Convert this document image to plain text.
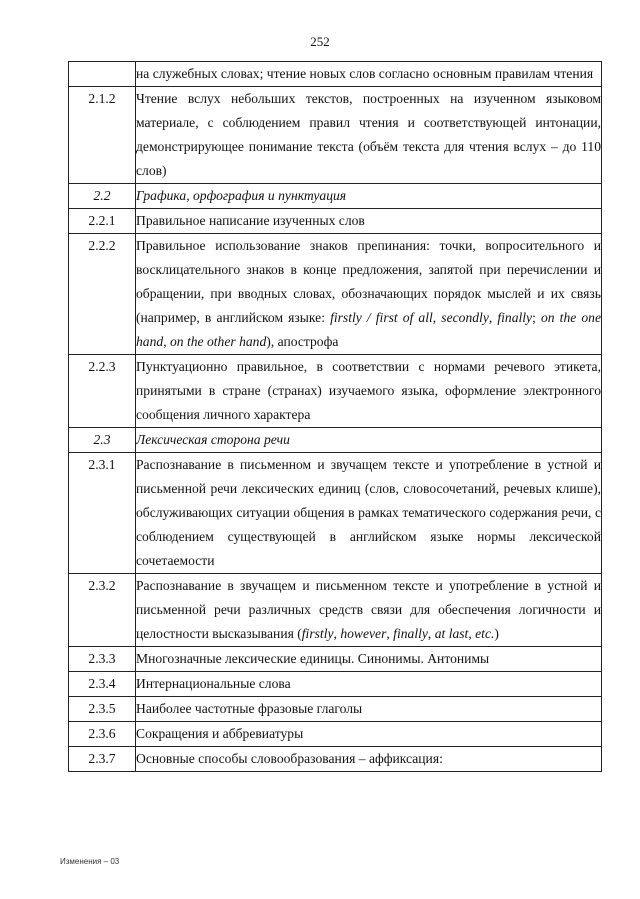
252
	на служебных словах; чтение новых слов согласно основным правилам чтения
2.1.2	Чтение вслух небольших текстов, построенных на изученном языковом материале, с соблюдением правил чтения и соответствующей интонации, демонстрирующее понимание текста (объём текста для чтения вслух – до 110 слов)
2.2	Графика, орфография и пунктуация
2.2.1	Правильное написание изученных слов
2.2.2	Правильное использование знаков препинания: точки, вопросительного и восклицательного знаков в конце предложения, запятой при перечислении и обращении, при вводных словах, обозначающих порядок мыслей и их связь (например, в английском языке: firstly / first of all, secondly, finally; on the one hand, on the other hand), апострофа
2.2.3	Пунктуационно правильное, в соответствии с нормами речевого этикета, принятыми в стране (странах) изучаемого языка, оформление электронного сообщения личного характера
2.3	Лексическая сторона речи
2.3.1	Распознавание в письменном и звучащем тексте и употребление в устной и письменной речи лексических единиц (слов, словосочетаний, речевых клише), обслуживающих ситуации общения в рамках тематического содержания речи, с соблюдением существующей в английском языке нормы лексической сочетаемости
2.3.2	Распознавание в звучащем и письменном тексте и употребление в устной и письменной речи различных средств связи для обеспечения логичности и целостности высказывания (firstly, however, finally, at last, etc.)
2.3.3	Многозначные лексические единицы. Синонимы. Антонимы
2.3.4	Интернациональные слова
2.3.5	Наиболее частотные фразовые глаголы
2.3.6	Сокращения и аббревиатуры
2.3.7	Основные способы словообразования – аффиксация:
Изменения – 03
